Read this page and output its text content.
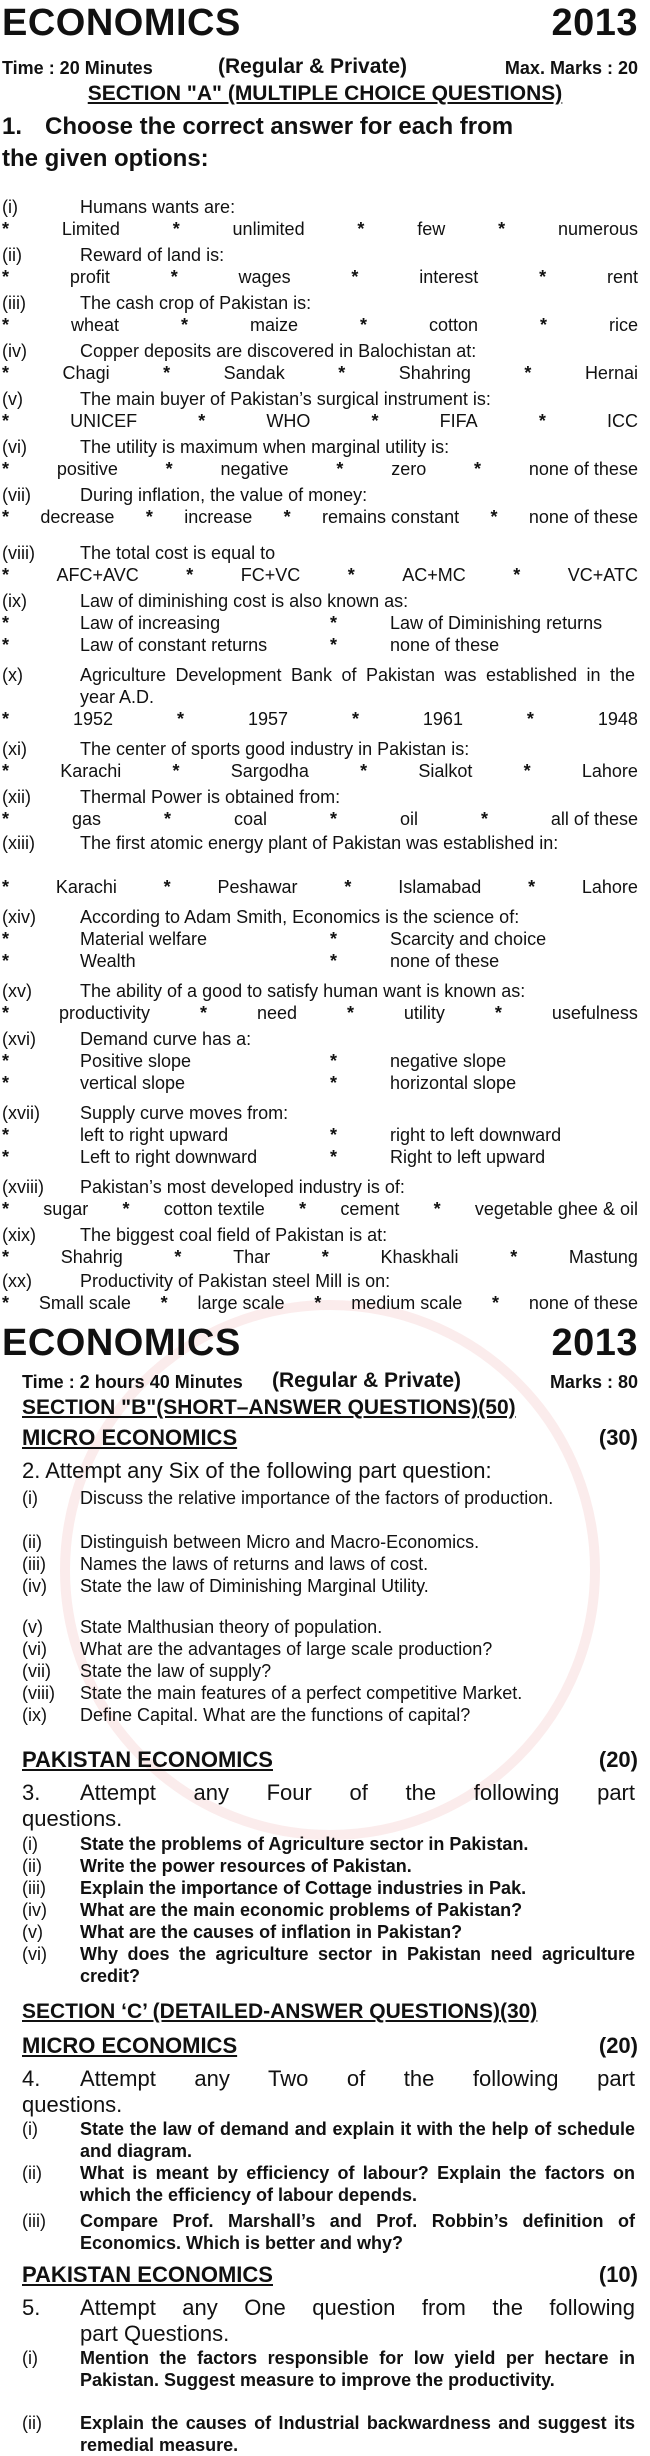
ECONOMICS	2013
Time : 20 Minutes	(Regular & Private)	Max. Marks : 20
SECTION "A" (MULTIPLE CHOICE QUESTIONS)
1. Choose the correct answer for each from
the given options:
(i)	Humans wants are:
*	Limited	*	unlimited	*	few	*	numerous
(ii)	Reward of land is:
*	profit	*	wages	*	interest	*	rent
(iii)	The cash crop of Pakistan is:
*	wheat	*	maize	*	cotton	*	rice
(iv)	Copper deposits are discovered in Balochistan at:
*	Chagi	*	Sandak	*	Shahring	*	Hernai
(v)	The main buyer of Pakistan’s surgical instrument is:
*	UNICEF	*	WHO	*	FIFA	*	ICC
(vi)	The utility is maximum when marginal utility is:
*	positive	*	negative	*	zero	*	none of these
(vii)	During inflation, the value of money:
* decrease * increase * remains constant * none of these
(viii)	The total cost is equal to
*	AFC+AVC	*	FC+VC	*	AC+MC	*	VC+ATC
(ix)	Law of diminishing cost is also known as:
*	Law of increasing	*	Law of Diminishing returns
*	Law of constant returns	*	none of these
(x)	Agriculture Development Bank of Pakistan was established in the year A.D.
*	1952	*	1957	*	1961	*	1948
(xi)	The center of sports good industry in Pakistan is:
*	Karachi	*	Sargodha	*	Sialkot	*	Lahore
(xii)	Thermal Power is obtained from:
*	gas	*	coal	*	oil	*	all of these
(xiii)	The first atomic energy plant of Pakistan was established in:
*	Karachi	*	Peshawar	*	Islamabad	*	Lahore
(xiv) According to Adam Smith, Economics is the science of:
*	Material welfare	*	Scarcity and choice
*	Wealth	*	none of these
(xv)	The ability of a good to satisfy human want is known as:
*	productivity	*	need	*	utility	*	usefulness
(xvi) Demand curve has a:
*	Positive slope	*	negative slope
*	vertical slope	*	horizontal slope
(xvii) Supply curve moves from:
*	left to right upward	*	right to left downward
*	Left to right downward	*	Right to left upward
(xviii) Pakistan’s most developed industry is of:
* sugar * cotton textile * cement * vegetable ghee & oil
(xix) The biggest coal field of Pakistan is at:
*	Shahrig	*	Thar	*	Khaskhali	*	Mastung
(xx)	Productivity of Pakistan steel Mill is on:
* Small scale * large scale * medium scale * none of these
ECONOMICS	2013
Time : 2 hours 40 Minutes (Regular & Private)	Marks : 80
SECTION "B"(SHORT–ANSWER QUESTIONS)(50)
MICRO ECONOMICS	(30)
2. Attempt any Six of the following part question:
(i) Discuss the relative importance of the factors of production.
(ii) Distinguish between Micro and Macro-Economics.
(iii) Names the laws of returns and laws of cost.
(iv) State the law of Diminishing Marginal Utility.
(v) State Malthusian theory of population.
(vi) What are the advantages of large scale production?
(vii) State the law of supply?
(viii) State the main features of a perfect competitive Market.
(ix) Define Capital. What are the functions of capital?
PAKISTAN ECONOMICS	(20)
3. Attempt any Four of the following part
questions.
(i) State the problems of Agriculture sector in Pakistan.
(ii) Write the power resources of Pakistan.
(iii) Explain the importance of Cottage industries in Pak.
(iv) What are the main economic problems of Pakistan?
(v) What are the causes of inflation in Pakistan?
(vi) Why does the agriculture sector in Pakistan need agriculture credit?
SECTION ‘C’ (DETAILED-ANSWER QUESTIONS)(30)
MICRO ECONOMICS	(20)
4. Attempt any Two of the following part
questions.
(i) State the law of demand and explain it with the help of schedule and diagram.
(ii) What is meant by efficiency of labour? Explain the factors on which the efficiency of labour depends.
(iii) Compare Prof. Marshall’s and Prof. Robbin’s definition of Economics. Which is better and why?
PAKISTAN ECONOMICS	(10)
5. Attempt any One question from the following
part Questions.
(i) Mention the factors responsible for low yield per hectare in Pakistan. Suggest measure to improve the productivity.
(ii) Explain the causes of Industrial backwardness and suggest its remedial measure.
